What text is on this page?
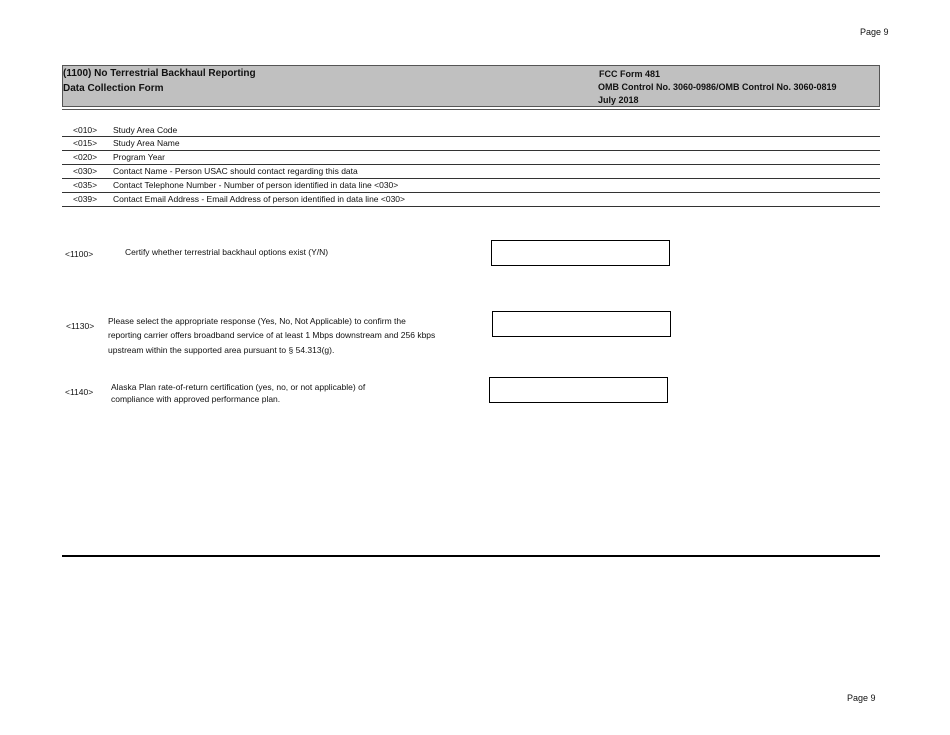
Page 9
(1100) No Terrestrial Backhaul Reporting
Data Collection Form
FCC Form 481
OMB Control No. 3060-0986/OMB Control No. 3060-0819
July 2018
<010> Study Area Code
<015> Study Area Name
<020> Program Year
<030> Contact Name - Person USAC should contact regarding this data
<035> Contact Telephone Number - Number of person identified in data line <030>
<039> Contact Email Address - Email Address of person identified in data line <030>
<1100>	Certify whether terrestrial backhaul options exist (Y/N)
<1130> Please select the appropriate response (Yes, No, Not Applicable) to confirm the
reporting carrier offers broadband service of at least 1 Mbps downstream and 256 kbps
upstream within the supported area pursuant to § 54.313(g).
<1140> Alaska Plan rate-of-return certification (yes, no, or not applicable) of
compliance with approved performance plan.
Page 9
